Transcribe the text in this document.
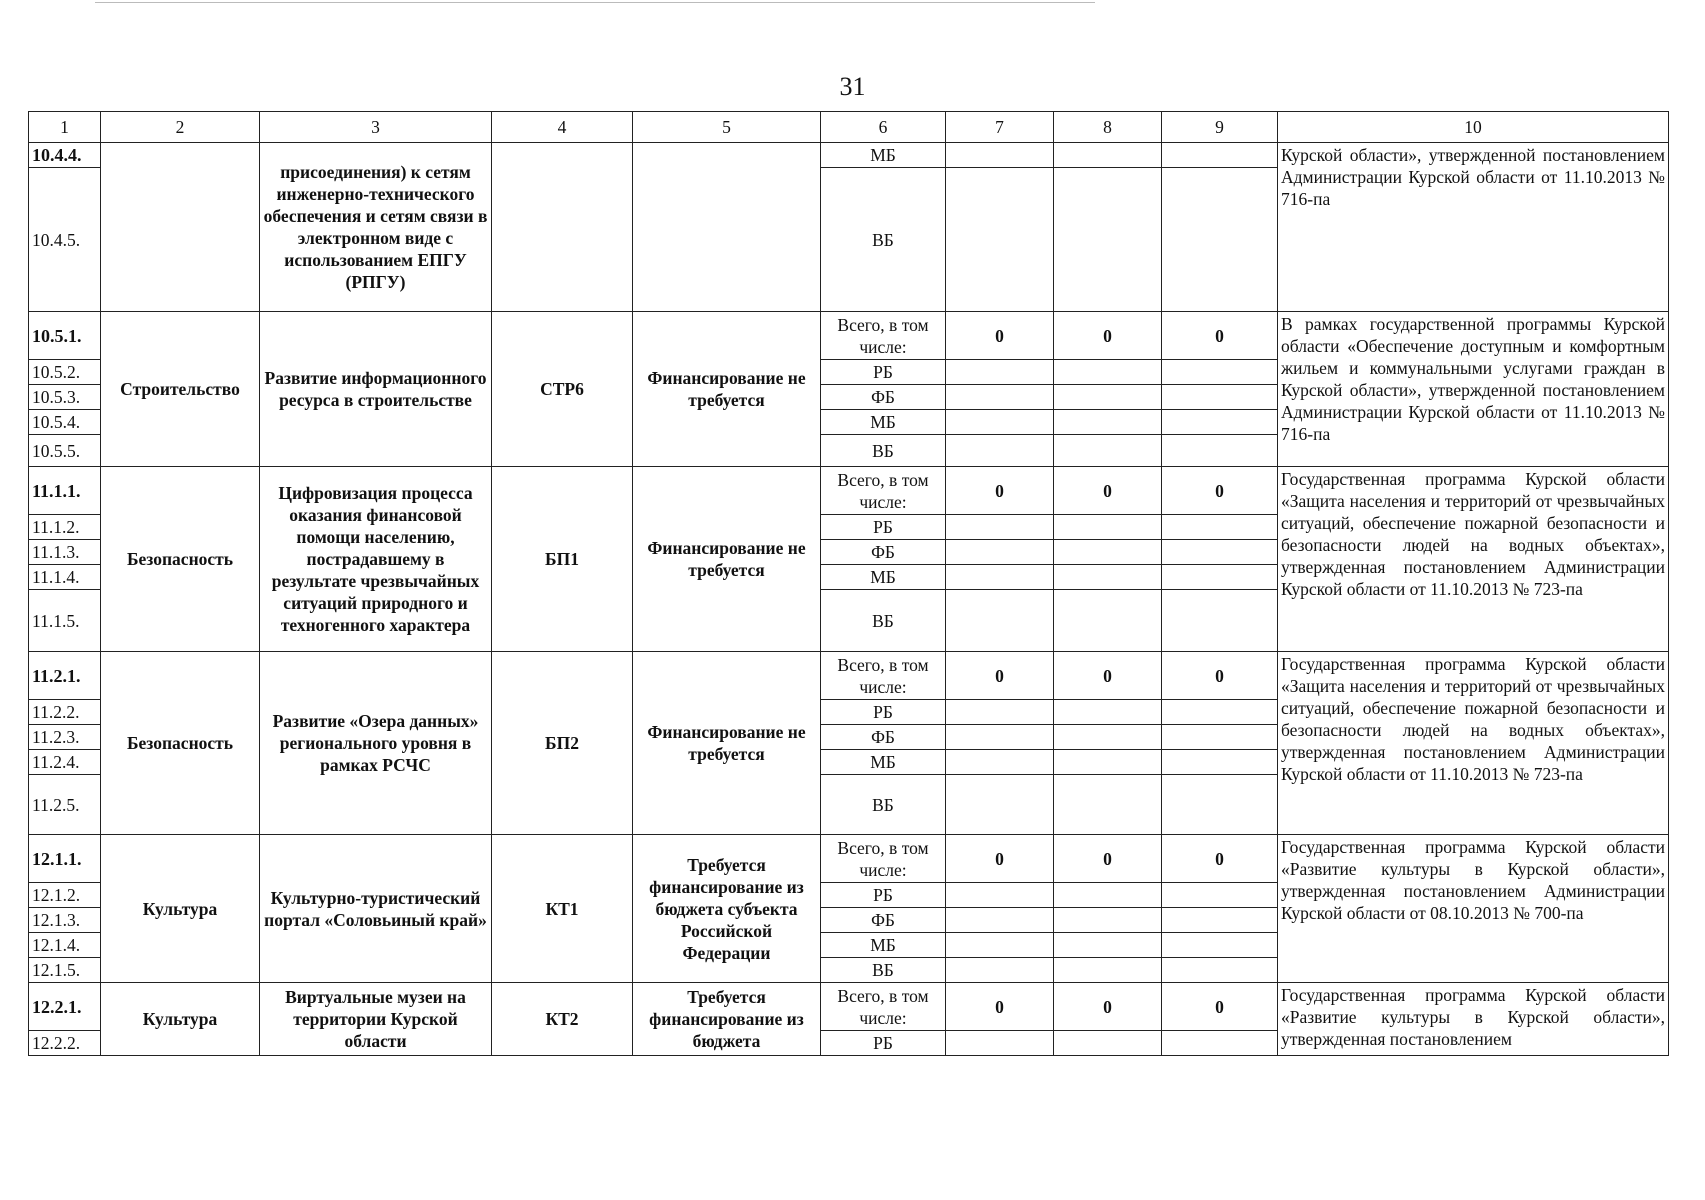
31
1	2	3	4	5	6	7	8	9	10
10.4.4.		присоединения) к сетям инженерно-технического обеспечения и сетям связи в электронном виде с использованием ЕПГУ (РПГУ)			МБ				Курской области», утвержденной постановлением Администрации Курской области от 11.10.2013 № 716-па
10.4.5.					ВБ				
10.5.1.	Строительство	Развитие информационного ресурса в строительстве	СТР6	Финансирование не требуется	Всего, в том числе:	0	0	0	В рамках государственной программы Курской области «Обеспечение доступным и комфортным жильем и коммунальными услугами граждан в Курской области», утвержденной постановлением Администрации Курской области от 11.10.2013 № 716-па
10.5.2.					РБ				
10.5.3.					ФБ				
10.5.4.					МБ				
10.5.5.					ВБ				
11.1.1.	Безопасность	Цифровизация процесса оказания финансовой помощи населению, пострадавшему в результате чрезвычайных ситуаций природного и техногенного характера	БП1	Финансирование не требуется	Всего, в том числе:	0	0	0	Государственная программа Курской области «Защита населения и территорий от чрезвычайных ситуаций, обеспечение пожарной безопасности и безопасности людей на водных объектах», утвержденная постановлением Администрации Курской области от 11.10.2013 № 723-па
11.1.2.					РБ				
11.1.3.					ФБ				
11.1.4.					МБ				
11.1.5.					ВБ				
11.2.1.	Безопасность	Развитие «Озера данных» регионального уровня в рамках РСЧС	БП2	Финансирование не требуется	Всего, в том числе:	0	0	0	Государственная программа Курской области «Защита населения и территорий от чрезвычайных ситуаций, обеспечение пожарной безопасности и безопасности людей на водных объектах», утвержденная постановлением Администрации Курской области от 11.10.2013 № 723-па
11.2.2.					РБ				
11.2.3.					ФБ				
11.2.4.					МБ				
11.2.5.					ВБ				
12.1.1.	Культура	Культурно-туристический портал «Соловьиный край»	КТ1	Требуется финансирование из бюджета субъекта Российской Федерации	Всего, в том числе:	0	0	0	Государственная программа Курской области «Развитие культуры в Курской области», утвержденная постановлением Администрации Курской области от 08.10.2013 № 700-па
12.1.2.					РБ				
12.1.3.					ФБ				
12.1.4.					МБ				
12.1.5.					ВБ				
12.2.1.	Культура	Виртуальные музеи на территории Курской области	КТ2	Требуется финансирование из бюджета	Всего, в том числе:	0	0	0	Государственная программа Курской области «Развитие культуры в Курской области», утвержденная постановлением
12.2.2.					РБ				
